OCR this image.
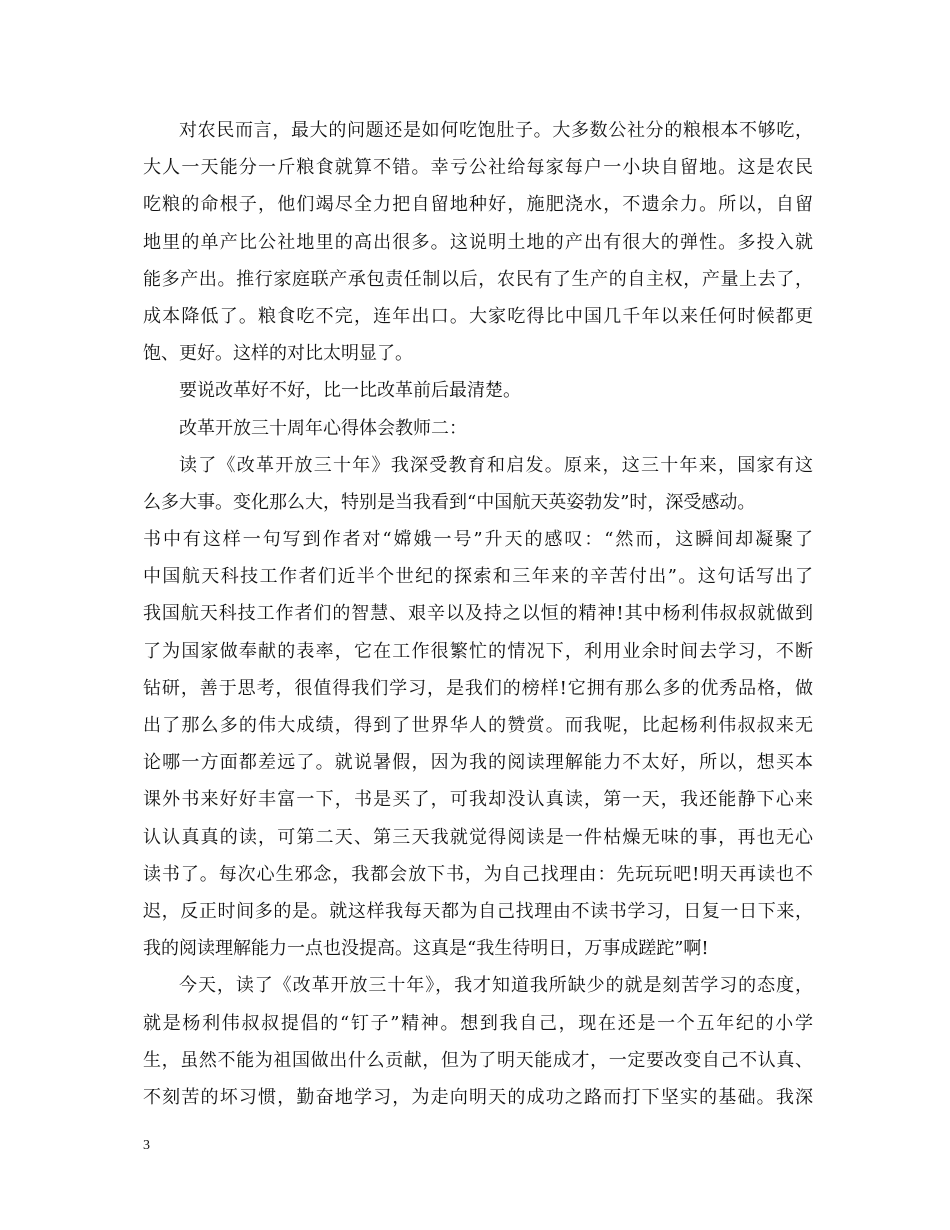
对农民而言，最大的问题还是如何吃饱肚子。大多数公社分的粮根本不够吃，
大人一天能分一斤粮食就算不错。幸亏公社给每家每户一小块自留地。这是农民
吃粮的命根子，他们竭尽全力把自留地种好，施肥浇水，不遗余力。所以，自留
地里的单产比公社地里的高出很多。这说明土地的产出有很大的弹性。多投入就
能多产出。推行家庭联产承包责任制以后，农民有了生产的自主权，产量上去了，
成本降低了。粮食吃不完，连年出口。大家吃得比中国几千年以来任何时候都更
饱、更好。这样的对比太明显了。
要说改革好不好，比一比改革前后最清楚。
改革开放三十周年心得体会教师二：
读了《改革开放三十年》我深受教育和启发。原来，这三十年来，国家有这
么多大事。变化那么大，特别是当我看到“中国航天英姿勃发”时，深受感动。
书中有这样一句写到作者对“嫦娥一号”升天的感叹：“然而，这瞬间却凝聚了
中国航天科技工作者们近半个世纪的探索和三年来的辛苦付出”。这句话写出了
我国航天科技工作者们的智慧、艰辛以及持之以恒的精神!其中杨利伟叔叔就做到
了为国家做奉献的表率，它在工作很繁忙的情况下，利用业余时间去学习，不断
钻研，善于思考，很值得我们学习，是我们的榜样!它拥有那么多的优秀品格，做
出了那么多的伟大成绩，得到了世界华人的赞赏。而我呢，比起杨利伟叔叔来无
论哪一方面都差远了。就说暑假，因为我的阅读理解能力不太好，所以，想买本
课外书来好好丰富一下，书是买了，可我却没认真读，第一天，我还能静下心来
认认真真的读，可第二天、第三天我就觉得阅读是一件枯燥无味的事，再也无心
读书了。每次心生邪念，我都会放下书，为自己找理由：先玩玩吧!明天再读也不
迟，反正时间多的是。就这样我每天都为自己找理由不读书学习，日复一日下来，
我的阅读理解能力一点也没提高。这真是“我生待明日，万事成蹉跎”啊!
今天，读了《改革开放三十年》，我才知道我所缺少的就是刻苦学习的态度，
就是杨利伟叔叔提倡的“钉子”精神。想到我自己，现在还是一个五年纪的小学
生，虽然不能为祖国做出什么贡献，但为了明天能成才，一定要改变自己不认真、
不刻苦的坏习惯，勤奋地学习，为走向明天的成功之路而打下坚实的基础。我深
3
